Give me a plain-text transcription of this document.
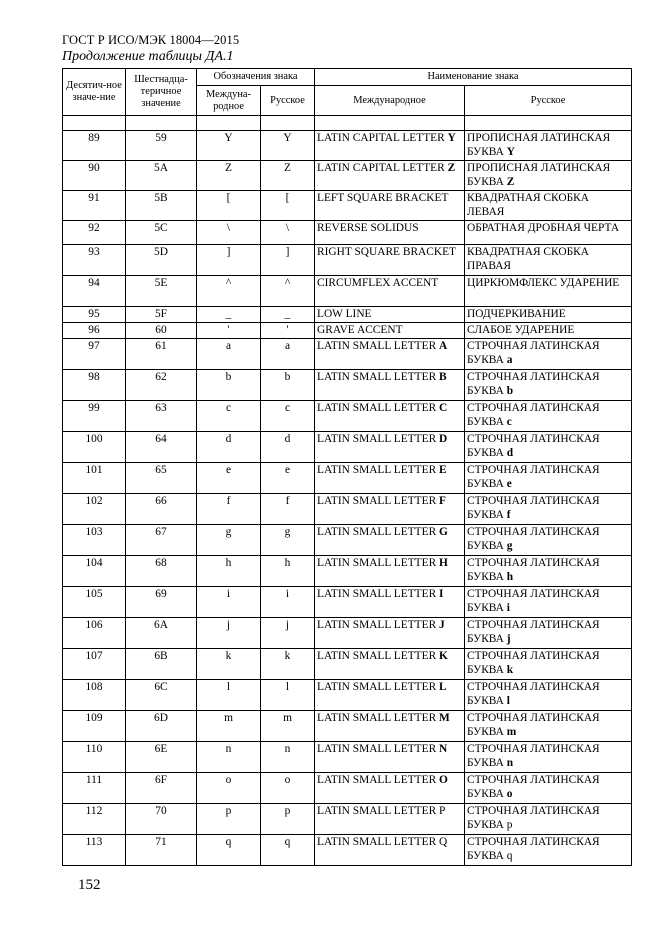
ГОСТ Р ИСО/МЭК 18004—2015
Продолжение таблицы ДА.1
Десятич-ное значе-ние	Шестнадца-теричное значение	Обозначения знака		Наименование знака	
		Междуна-родное	Русское	Международное	Русское

89	59	Y	Y	LATIN CAPITAL LETTER Y	ПРОПИСНАЯ ЛАТИНСКАЯ БУКВА Y
90	5A	Z	Z	LATIN CAPITAL LETTER Z	ПРОПИСНАЯ ЛАТИНСКАЯ БУКВА Z
91	5B	[	[	LEFT SQUARE BRACKET	КВАДРАТНАЯ СКОБКА ЛЕВАЯ
92	5C	\	\	REVERSE SOLIDUS	ОБРАТНАЯ ДРОБНАЯ ЧЕРТА
93	5D	]	]	RIGHT SQUARE BRACKET	КВАДРАТНАЯ СКОБКА ПРАВАЯ
94	5E	^	^	CIRCUMFLEX ACCENT	ЦИРКЮМФЛЕКС УДАРЕНИЕ
95	5F	_	_	LOW LINE	ПОДЧЕРКИВАНИЕ
96	60	'	'	GRAVE ACCENT	СЛАБОЕ УДАРЕНИЕ
97	61	a	a	LATIN SMALL LETTER A	СТРОЧНАЯ ЛАТИНСКАЯ БУКВА a
98	62	b	b	LATIN SMALL LETTER B	СТРОЧНАЯ ЛАТИНСКАЯ БУКВА b
99	63	c	c	LATIN SMALL LETTER C	СТРОЧНАЯ ЛАТИНСКАЯ БУКВА c
100	64	d	d	LATIN SMALL LETTER D	СТРОЧНАЯ ЛАТИНСКАЯ БУКВА d
101	65	e	e	LATIN SMALL LETTER E	СТРОЧНАЯ ЛАТИНСКАЯ БУКВА e
102	66	f	f	LATIN SMALL LETTER F	СТРОЧНАЯ ЛАТИНСКАЯ БУКВА f
103	67	g	g	LATIN SMALL LETTER G	СТРОЧНАЯ ЛАТИНСКАЯ БУКВА g
104	68	h	h	LATIN SMALL LETTER H	СТРОЧНАЯ ЛАТИНСКАЯ БУКВА h
105	69	i	i	LATIN SMALL LETTER I	СТРОЧНАЯ ЛАТИНСКАЯ БУКВА i
106	6A	j	j	LATIN SMALL LETTER J	СТРОЧНАЯ ЛАТИНСКАЯ БУКВА j
107	6B	k	k	LATIN SMALL LETTER K	СТРОЧНАЯ ЛАТИНСКАЯ БУКВА k
108	6C	l	l	LATIN SMALL LETTER L	СТРОЧНАЯ ЛАТИНСКАЯ БУКВА l
109	6D	m	m	LATIN SMALL LETTER M	СТРОЧНАЯ ЛАТИНСКАЯ БУКВА m
110	6E	n	n	LATIN SMALL LETTER N	СТРОЧНАЯ ЛАТИНСКАЯ БУКВА n
111	6F	o	o	LATIN SMALL LETTER O	СТРОЧНАЯ ЛАТИНСКАЯ БУКВА o
112	70	p	p	LATIN SMALL LETTER P	СТРОЧНАЯ ЛАТИНСКАЯ БУКВА p
113	71	q	q	LATIN SMALL LETTER Q	СТРОЧНАЯ ЛАТИНСКАЯ БУКВА q
152
